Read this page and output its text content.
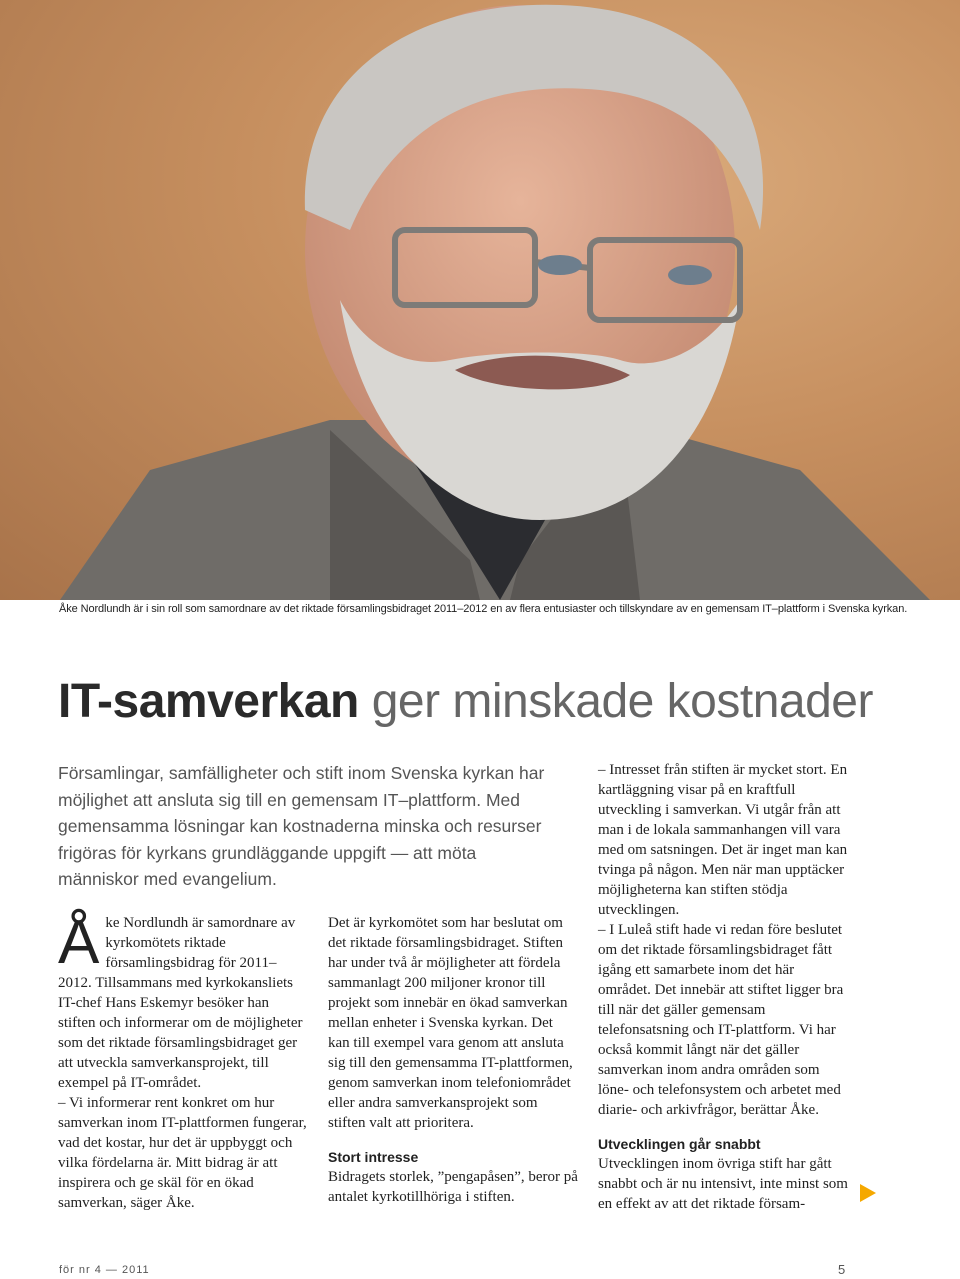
Åke Nordlundh är i sin roll som samordnare av det riktade församlingsbidraget 2011–2012 en av flera entusiaster och tillskyndare av en gemensam IT–plattform i Svenska kyrkan.
IT-samverkan ger minskade kostnader

Församlingar, samfälligheter och stift inom Svenska kyrkan har möjlighet att ansluta sig till en gemensam IT–plattform. Med gemensamma lösningar kan kostnaderna minska och resurser frigöras för kyrkans grundläggande uppgift — att möta människor med evangelium.

Å ke Nordlundh är samordnare av kyrkomötets riktade församlingsbidrag för 2011–2012. Tillsammans med kyrkokansliets IT-chef Hans Eskemyr besöker han stiften och informerar om de möjligheter som det riktade församlingsbidraget ger att utveckla samverkansprojekt, till exempel på IT-området.

– Vi informerar rent konkret om hur samverkan inom IT-plattformen fungerar, vad det kostar, hur det är uppbyggt och vilka fördelarna är. Mitt bidrag är att inspirera och ge skäl för en ökad samverkan, säger Åke.

Det är kyrkomötet som har beslutat om det riktade församlingsbidraget. Stiften har under två år möjligheter att fördela sammanlagt 200 miljoner kronor till projekt som innebär en ökad samverkan mellan enheter i Svenska kyrkan. Det kan till exempel vara genom att ansluta sig till den gemensamma IT-plattformen, genom samverkan inom telefoniområdet eller andra samverkansprojekt som stiften valt att prioritera.

Stort intresse

Bidragets storlek, ”pengapåsen”, beror på antalet kyrkotillhöriga i stiften.

– Intresset från stiften är mycket stort. En kartläggning visar på en kraftfull utveckling i samverkan. Vi utgår från att man i de lokala sammanhangen vill vara med om satsningen. Det är inget man kan tvinga på någon. Men när man upptäcker möjligheterna kan stiften stödja utvecklingen.

– I Luleå stift hade vi redan före beslutet om det riktade församlingsbidraget fått igång ett samarbete inom det här området. Det innebär att stiftet ligger bra till när det gäller gemensam telefonsatsning och IT-plattform. Vi har också kommit långt när det gäller samverkan inom andra områden som löne- och telefonsystem och arbetet med diarie- och arkivfrågor, berättar Åke.

Utvecklingen går snabbt

Utvecklingen inom övriga stift har gått snabbt och är nu intensivt, inte minst som en effekt av att det riktade försam-

för nr 4 — 2011	5
